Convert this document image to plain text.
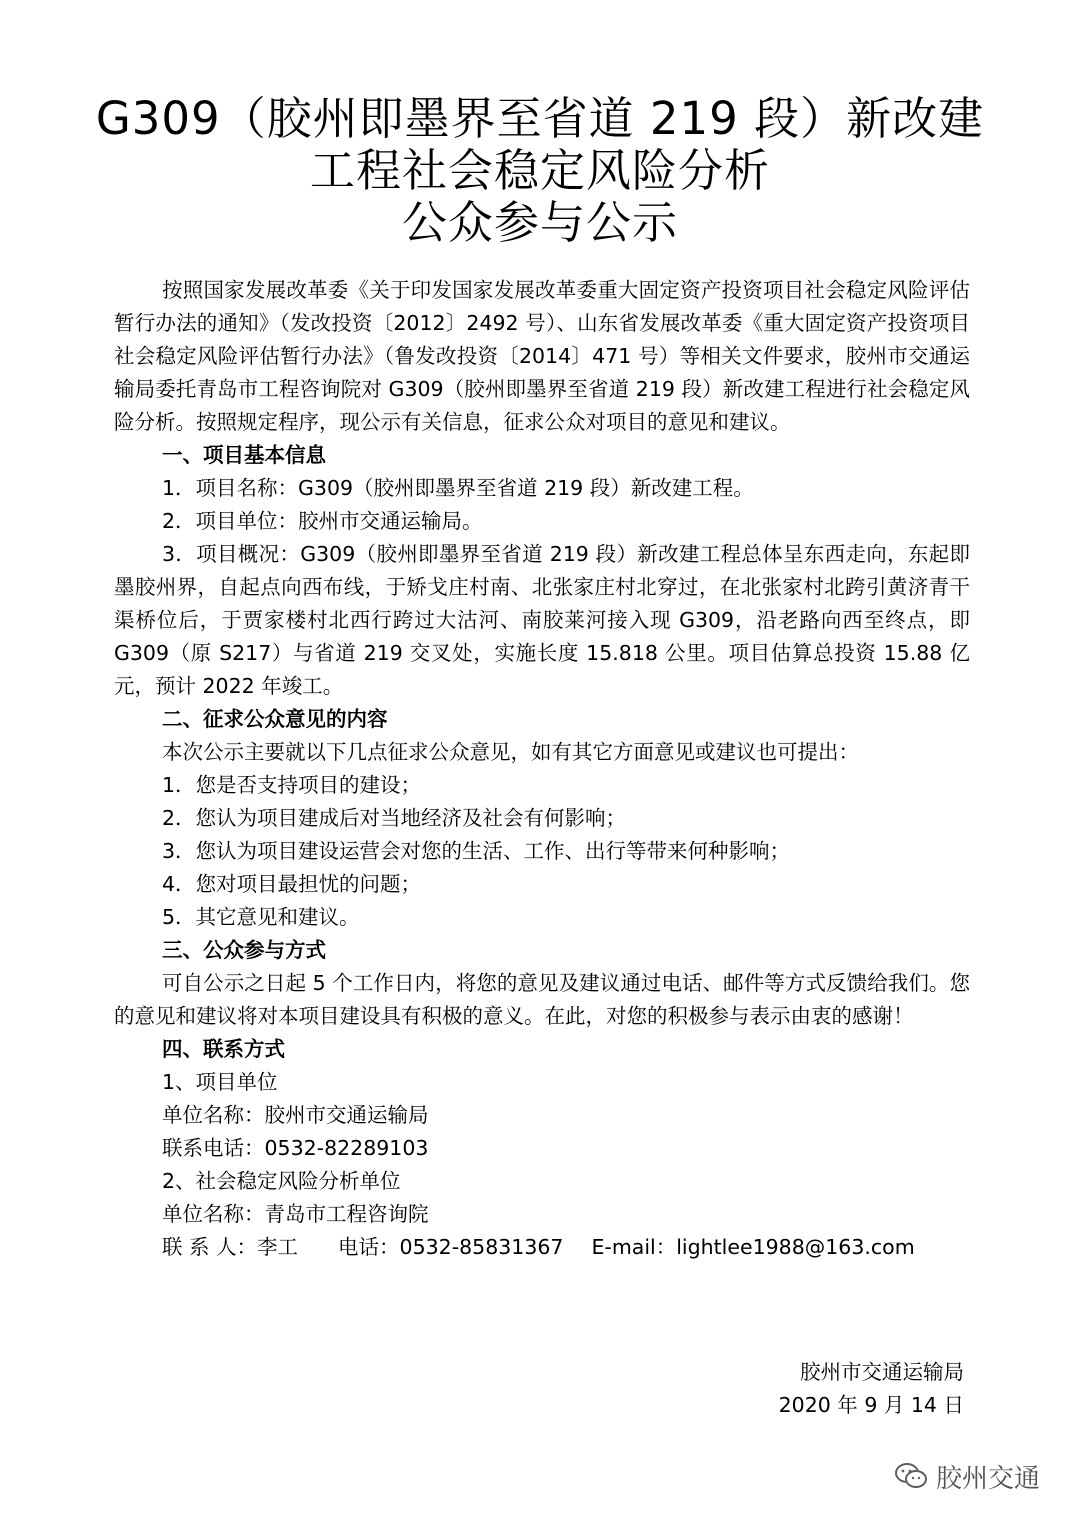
G309（胶州即墨界至省道 219 段）新改建
工程社会稳定风险分析
公众参与公示

按照国家发展改革委《关于印发国家发展改革委重大固定资产投资项目社会稳定风险评估暂行办法的通知》（发改投资〔2012〕2492 号）、山东省发展改革委《重大固定资产投资项目社会稳定风险评估暂行办法》（鲁发改投资〔2014〕471 号）等相关文件要求，胶州市交通运输局委托青岛市工程咨询院对 G309（胶州即墨界至省道 219 段）新改建工程进行社会稳定风险分析。按照规定程序，现公示有关信息，征求公众对项目的意见和建议。

一、项目基本信息

1．项目名称：G309（胶州即墨界至省道 219 段）新改建工程。

2．项目单位：胶州市交通运输局。

3．项目概况：G309（胶州即墨界至省道 219 段）新改建工程总体呈东西走向，东起即墨胶州界，自起点向西布线，于矫戈庄村南、北张家庄村北穿过，在北张家村北跨引黄济青干渠桥位后，于贾家楼村北西行跨过大沽河、南胶莱河接入现 G309，沿老路向西至终点，即 G309（原 S217）与省道 219 交叉处，实施长度 15.818 公里。项目估算总投资 15.88 亿元，预计 2022 年竣工。

二、征求公众意见的内容

本次公示主要就以下几点征求公众意见，如有其它方面意见或建议也可提出：

1．您是否支持项目的建设；

2．您认为项目建成后对当地经济及社会有何影响；

3．您认为项目建设运营会对您的生活、工作、出行等带来何种影响；

4．您对项目最担忧的问题；

5．其它意见和建议。

三、公众参与方式

可自公示之日起 5 个工作日内，将您的意见及建议通过电话、邮件等方式反馈给我们。您的意见和建议将对本项目建设具有积极的意义。在此，对您的积极参与表示由衷的感谢！

四、联系方式

1、项目单位

单位名称：胶州市交通运输局

联系电话：0532-82289103

2、社会稳定风险分析单位

单位名称：青岛市工程咨询院

联 系 人：李工 电话：0532-85831367 E-mail：lightlee1988@163.com

胶州市交通运输局
2020 年 9 月 14 日
胶州交通
